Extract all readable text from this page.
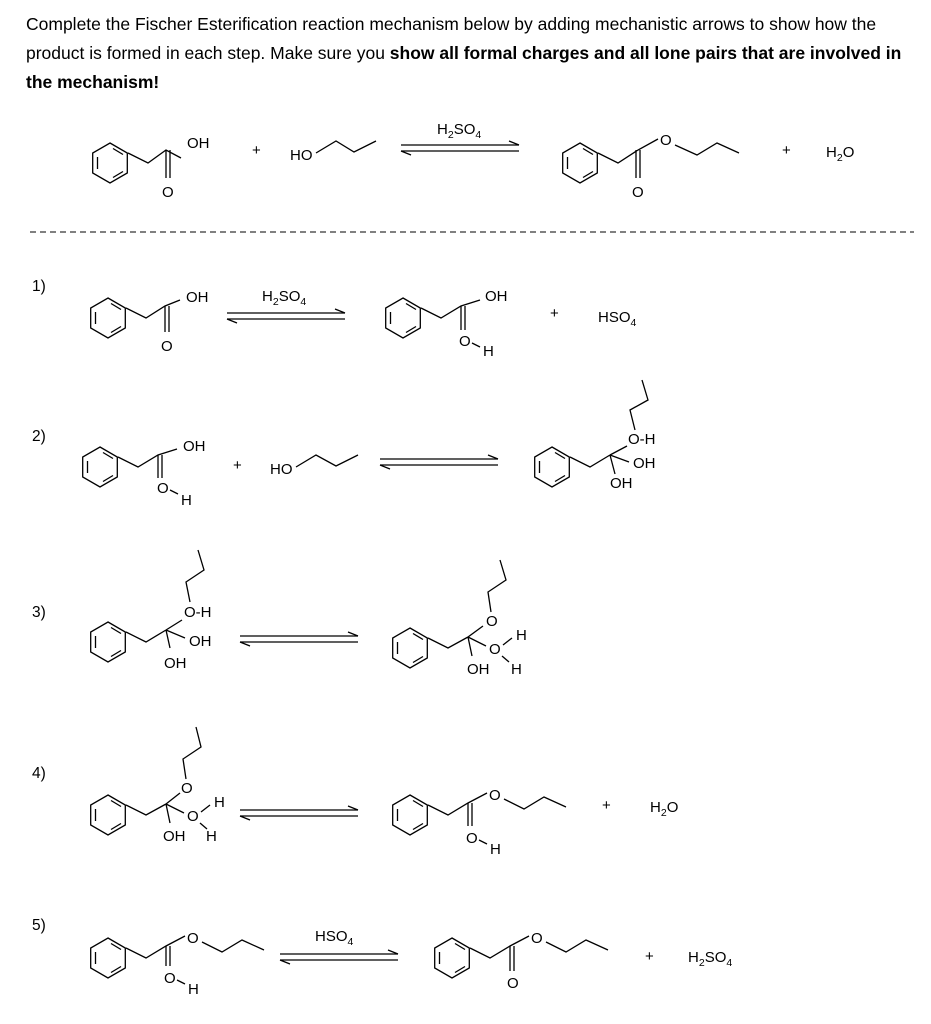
Complete the Fischer Esterification reaction mechanism below by adding mechanistic arrows to show how the product is formed in each step. Make sure you show all formal charges and all lone pairs that are involved in the mechanism!
OH
O
+ HO
$H_2SO_4$	O
O
+ $H_2O$
1)
OH
O
$H_2SO_4$	OH
O
H
+	$HSO_4$
2)
OH
O
H
+ HO
O-H
OH
OH
3)	O-H
OH
OH
O
O
H
OH H
4)
O
O
H
OH H
O
O
H
+	$H_2O$
5)
O
O
H
$HSO_4$	O
O
+ $H_2SO_4$
